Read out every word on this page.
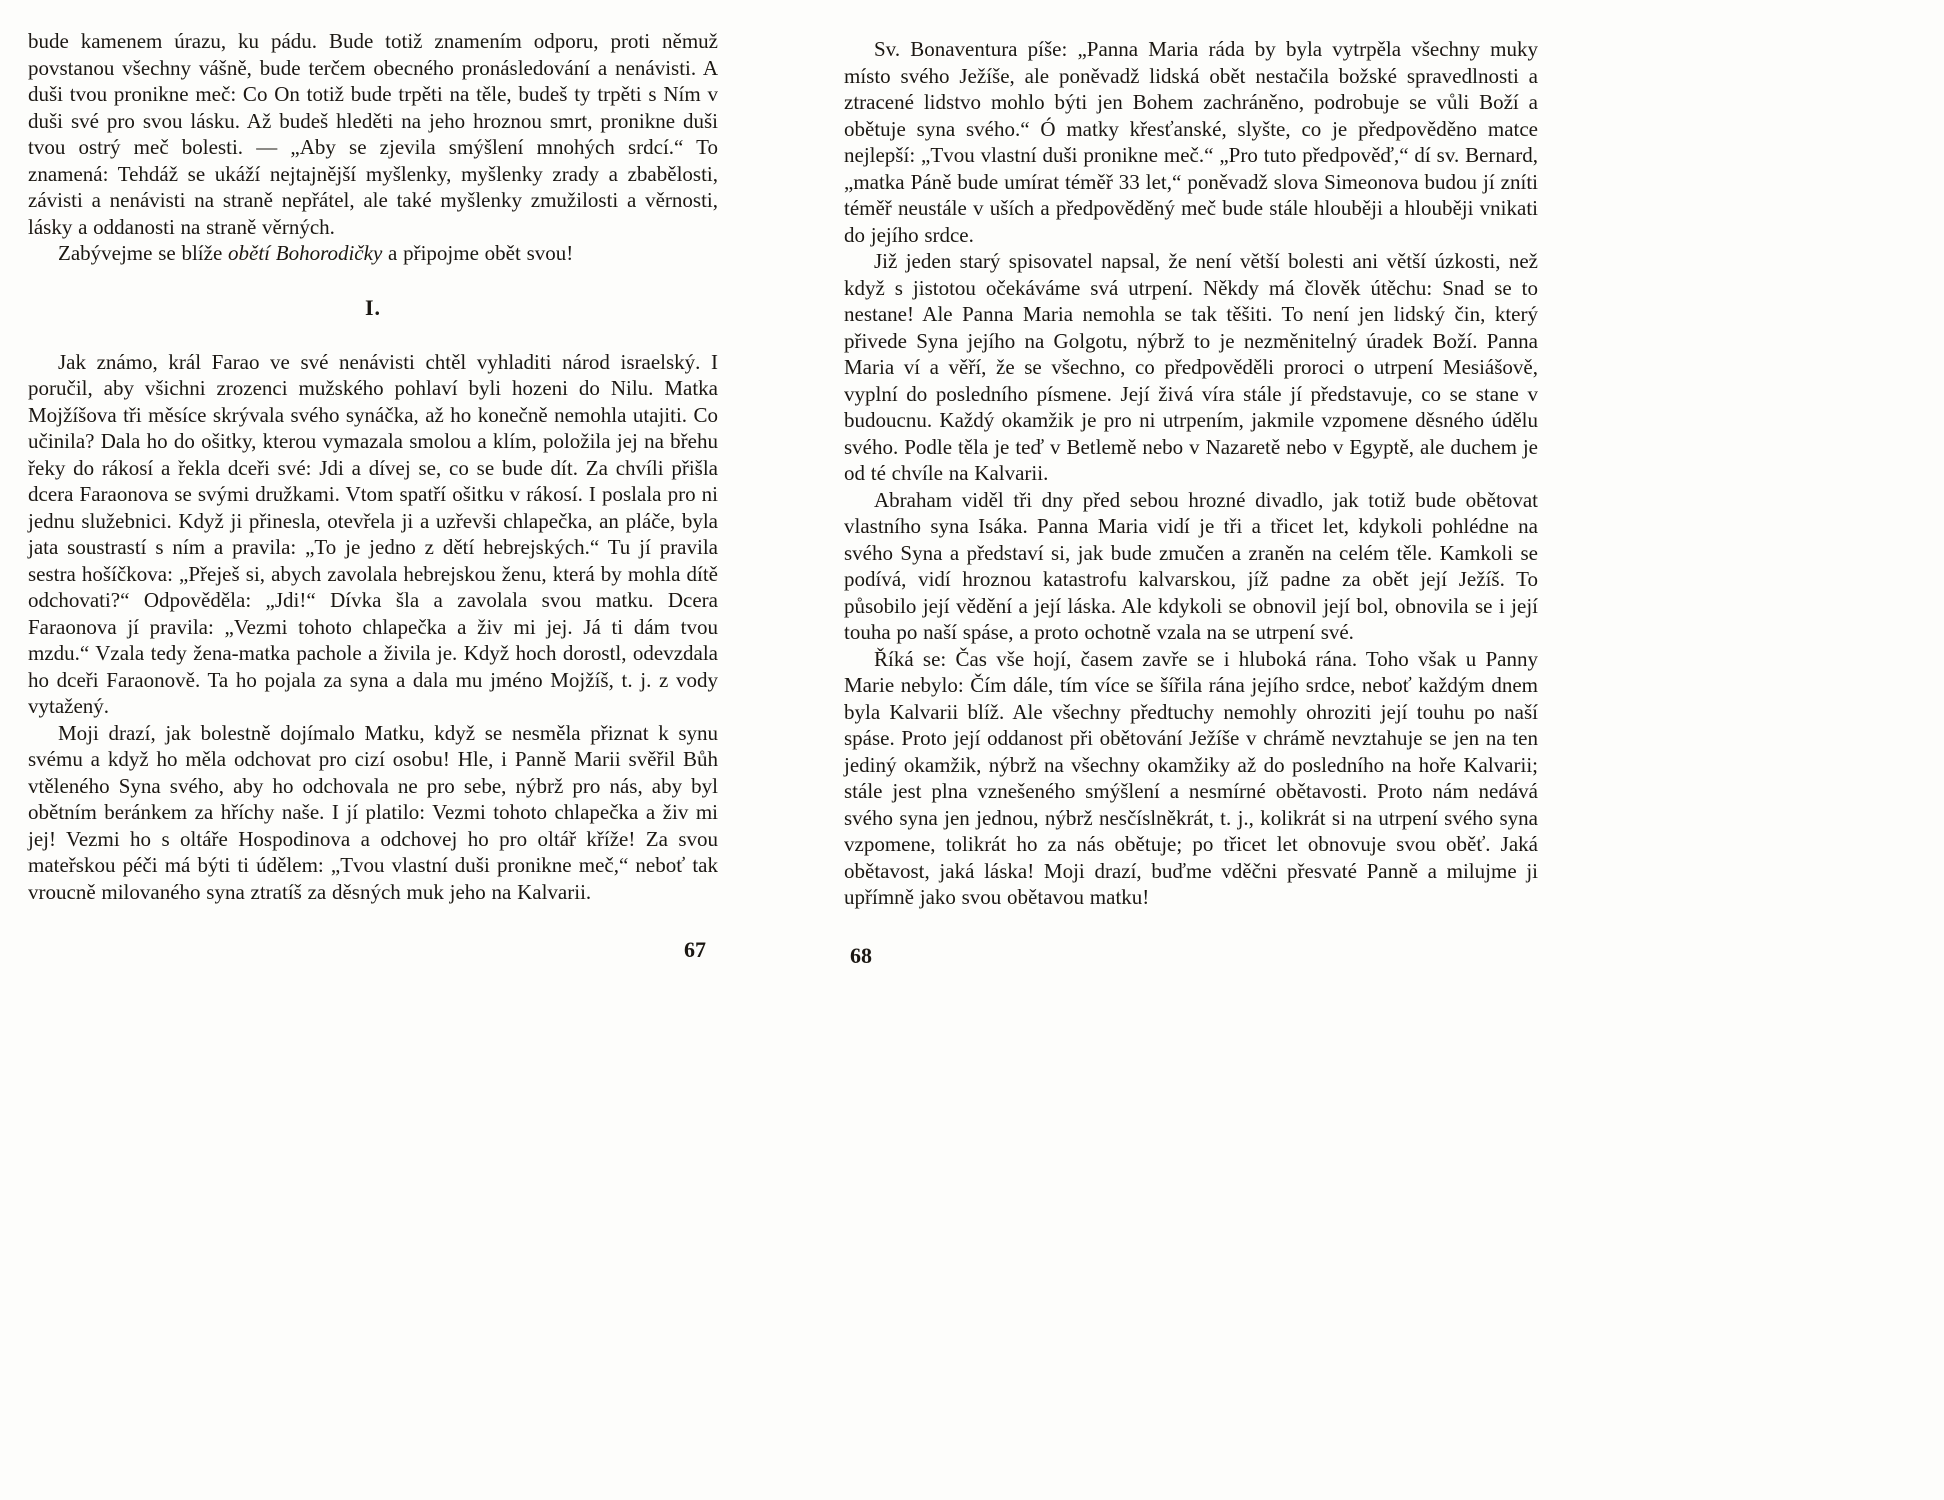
bude kamenem úrazu, ku pádu. Bude totiž znamením odporu, proti němuž povstanou všechny vášně, bude terčem obecného pronásledování a nenávisti. A duši tvou pronikne meč: Co On totiž bude trpěti na těle, budeš ty trpěti s Ním v duši své pro svou lásku. Až budeš hleděti na jeho hroznou smrt, pronikne duši tvou ostrý meč bolesti. — „Aby se zjevila smýšlení mnohých srdcí.“ To znamená: Tehdáž se ukáží nejtajnější myšlenky, myšlenky zrady a zbabělosti, závisti a nenávisti na straně nepřátel, ale také myšlenky zmužilosti a věrnosti, lásky a oddanosti na straně věrných.

Zabývejme se blíže obětí Bohorodičky a připojme obět svou!

I.

Jak známo, král Farao ve své nenávisti chtěl vyhladiti národ israelský. I poručil, aby všichni zrozenci mužského pohlaví byli hozeni do Nilu. Matka Mojžíšova tři měsíce skrývala svého synáčka, až ho konečně nemohla utajiti. Co učinila? Dala ho do ošitky, kterou vymazala smolou a klím, položila jej na břehu řeky do rákosí a řekla dceři své: Jdi a dívej se, co se bude dít. Za chvíli přišla dcera Faraonova se svými družkami. Vtom spatří ošitku v rákosí. I poslala pro ni jednu služebnici. Když ji přinesla, otevřela ji a uzřevši chlapečka, an pláče, byla jata soustrastí s ním a pravila: „To je jedno z dětí hebrejských.“ Tu jí pravila sestra hošíčkova: „Přeješ si, abych zavolala hebrejskou ženu, která by mohla dítě odchovati?“ Odpověděla: „Jdi!“ Dívka šla a zavolala svou matku. Dcera Faraonova jí pravila: „Vezmi tohoto chlapečka a živ mi jej. Já ti dám tvou mzdu.“ Vzala tedy žena-matka pachole a živila je. Když hoch dorostl, odevzdala ho dceři Faraonově. Ta ho pojala za syna a dala mu jméno Mojžíš, t. j. z vody vytažený.

Moji drazí, jak bolestně dojímalo Matku, když se nesměla přiznat k synu svému a když ho měla odchovat pro cizí osobu! Hle, i Panně Marii svěřil Bůh vtěleného Syna svého, aby ho odchovala ne pro sebe, nýbrž pro nás, aby byl obětním beránkem za hříchy naše. I jí platilo: Vezmi tohoto chlapečka a živ mi jej! Vezmi ho s oltáře Hospodinova a odchovej ho pro oltář kříže! Za svou mateřskou péči má býti ti údělem: „Tvou vlastní duši pronikne meč,“ neboť tak vroucně milovaného syna ztratíš za děsných muk jeho na Kalvarii.

67

Sv. Bonaventura píše: „Panna Maria ráda by byla vytrpěla všechny muky místo svého Ježíše, ale poněvadž lidská obět nestačila božské spravedlnosti a ztracené lidstvo mohlo býti jen Bohem zachráněno, podrobuje se vůli Boží a obětuje syna svého.“ Ó matky křesťanské, slyšte, co je předpověděno matce nejlepší: „Tvou vlastní duši pronikne meč.“ „Pro tuto předpověď,“ dí sv. Bernard, „matka Páně bude umírat téměř 33 let,“ poněvadž slova Simeonova budou jí zníti téměř neustále v uších a předpověděný meč bude stále hlouběji a hlouběji vnikati do jejího srdce.

Již jeden starý spisovatel napsal, že není větší bolesti ani větší úzkosti, než když s jistotou očekáváme svá utrpení. Někdy má člověk útěchu: Snad se to nestane! Ale Panna Maria nemohla se tak těšiti. To není jen lidský čin, který přivede Syna jejího na Golgotu, nýbrž to je nezměnitelný úradek Boží. Panna Maria ví a věří, že se všechno, co předpověděli proroci o utrpení Mesiášově, vyplní do posledního písmene. Její živá víra stále jí představuje, co se stane v budoucnu. Každý okamžik je pro ni utrpením, jakmile vzpomene děsného údělu svého. Podle těla je teď v Betlemě nebo v Nazaretě nebo v Egyptě, ale duchem je od té chvíle na Kalvarii.

Abraham viděl tři dny před sebou hrozné divadlo, jak totiž bude obětovat vlastního syna Isáka. Panna Maria vidí je tři a třicet let, kdykoli pohlédne na svého Syna a představí si, jak bude zmučen a zraněn na celém těle. Kamkoli se podívá, vidí hroznou katastrofu kalvarskou, jíž padne za obět její Ježíš. To působilo její vědění a její láska. Ale kdykoli se obnovil její bol, obnovila se i její touha po naší spáse, a proto ochotně vzala na se utrpení své.

Říká se: Čas vše hojí, časem zavře se i hluboká rána. Toho však u Panny Marie nebylo: Čím dále, tím více se šířila rána jejího srdce, neboť každým dnem byla Kalvarii blíž. Ale všechny předtuchy nemohly ohroziti její touhu po naší spáse. Proto její oddanost při obětování Ježíše v chrámě nevztahuje se jen na ten jediný okamžik, nýbrž na všechny okamžiky až do posledního na hoře Kalvarii; stále jest plna vznešeného smýšlení a nesmírné obětavosti. Proto nám nedává svého syna jen jednou, nýbrž nesčíslněkrát, t. j., kolikrát si na utrpení svého syna vzpomene, tolikrát ho za nás obětuje; po třicet let obnovuje svou oběť. Jaká obětavost, jaká láska! Moji drazí, buďme vděčni přesvaté Panně a milujme ji upřímně jako svou obětavou matku!

68
